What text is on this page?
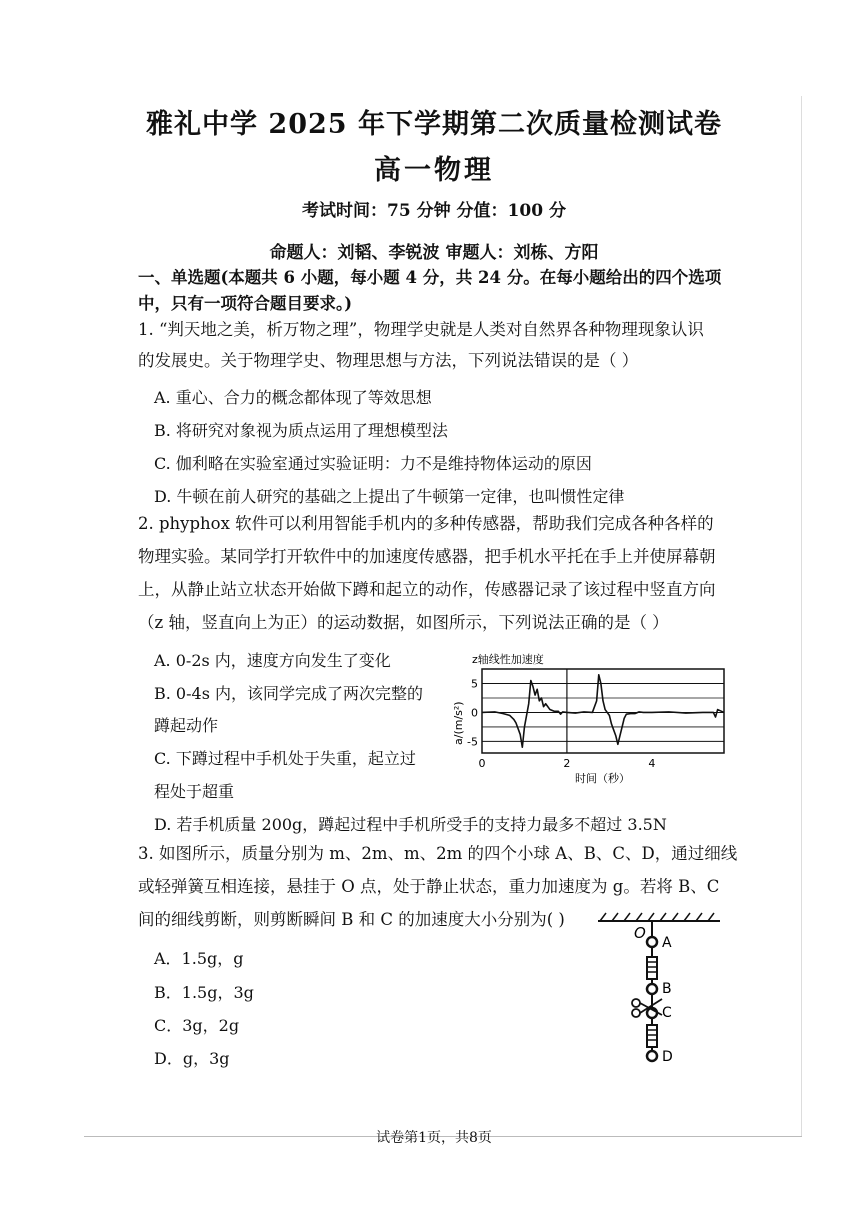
雅礼中学 2025 年下学期第二次质量检测试卷
高一物理
考试时间：75 分钟 分值：100 分
命题人：刘韬、李锐波 审题人：刘栋、方阳
一、单选题(本题共 6 小题，每小题 4 分，共 24 分。在每小题给出的四个选项
中，只有一项符合题目要求。)
1. “判天地之美，析万物之理”，物理学史就是人类对自然界各种物理现象认识
的发展史。关于物理学史、物理思想与方法，下列说法错误的是（ ）
A. 重心、合力的概念都体现了等效思想
B. 将研究对象视为质点运用了理想模型法
C. 伽利略在实验室通过实验证明：力不是维持物体运动的原因
D. 牛顿在前人研究的基础之上提出了牛顿第一定律，也叫惯性定律
2. phyphox 软件可以利用智能手机内的多种传感器，帮助我们完成各种各样的
物理实验。某同学打开软件中的加速度传感器，把手机水平托在手上并使屏幕朝
上，从静止站立状态开始做下蹲和起立的动作，传感器记录了该过程中竖直方向
（z 轴，竖直向上为正）的运动数据，如图所示，下列说法正确的是（ ）
A. 0-2s 内，速度方向发生了变化
B. 0-4s 内，该同学完成了两次完整的
蹲起动作
C. 下蹲过程中手机处于失重，起立过
程处于超重
D. 若手机质量 200g，蹲起过程中手机所受手的支持力最多不超过 3.5N
z轴线性加速度
5
0
-5
0	2	4
a/(m/s²)
时间（秒）
3. 如图所示，质量分别为 m、2m、m、2m 的四个小球 A、B、C、D，通过细线
或轻弹簧互相连接，悬挂于 O 点，处于静止状态，重力加速度为 g。若将 B、C
间的细线剪断，则剪断瞬间 B 和 C 的加速度大小分别为( )
A．1.5g，g
B．1.5g，3g
C．3g，2g
D．g，3g
O
A
B
C
D
试卷第1页，共8页
